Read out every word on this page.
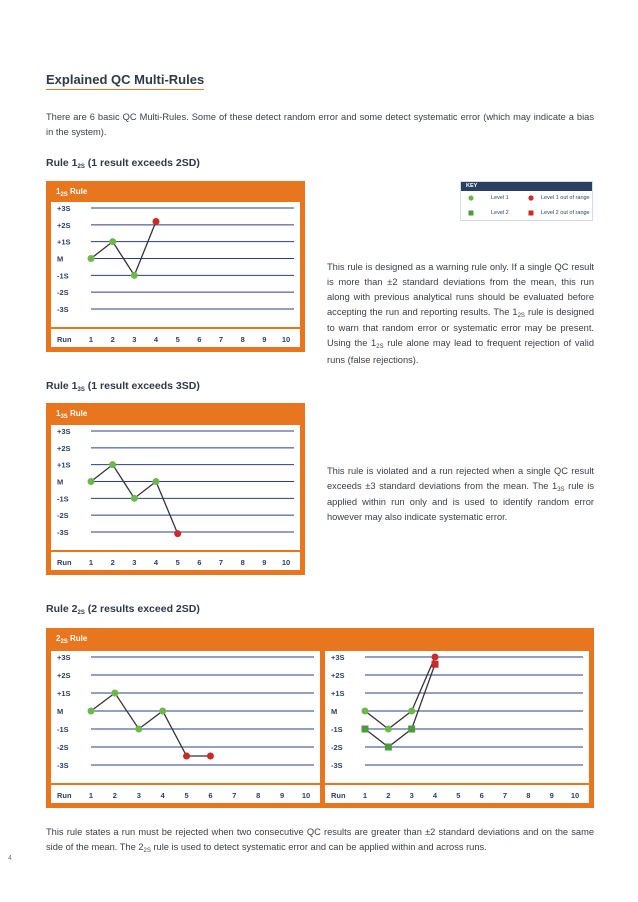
Explained QC Multi-Rules

There are 6 basic QC Multi-Rules. Some of these detect random error and some detect systematic error (which may indicate a bias in the system).

Rule $1_{2S}$ (1 result exceeds 2SD)
$1_{2S}$ Rule
+3S
+2S
+1S
M
-1S
-2S
-3S
Run 1 2 3 4 5 6 7 8 9 10
KEY
Level 1	Level 1 out of range
Level 2	Level 2 out of range

This rule is designed as a warning rule only. If a single QC result is more than ±2 standard deviations from the mean, this run along with previous analytical runs should be evaluated before accepting the run and reporting results. The $1_{2S}$ rule is designed to warn that random error or systematic error may be present. Using the $1_{2S}$ rule alone may lead to frequent rejection of valid runs (false rejections).

Rule $1_{3S}$ (1 result exceeds 3SD)
$1_{3S}$ Rule
+3S
+2S
+1S
M
-1S
-2S
-3S
Run 1 2 3 4 5 6 7 8 9 10

This rule is violated and a run rejected when a single QC result exceeds ±3 standard deviations from the mean. The $1_{3S}$ rule is applied within run only and is used to identify random error however may also indicate systematic error.

Rule $2_{2S}$ (2 results exceed 2SD)
$2_{2S}$ Rule
+3S
+2S
+1S
M
-1S
-2S
-3S
Run 1	2	3	4	5	6	7	8	9 10
+3S
+2S
+1S
M
-1S
-2S
-3S
Run 1	2	3	4	5	6	7	8	9 10

This rule states a run must be rejected when two consecutive QC results are greater than ±2 standard deviations and on the same side of the mean. The $2_{2S}$ rule is used to detect systematic error and can be applied within and across runs.

4
